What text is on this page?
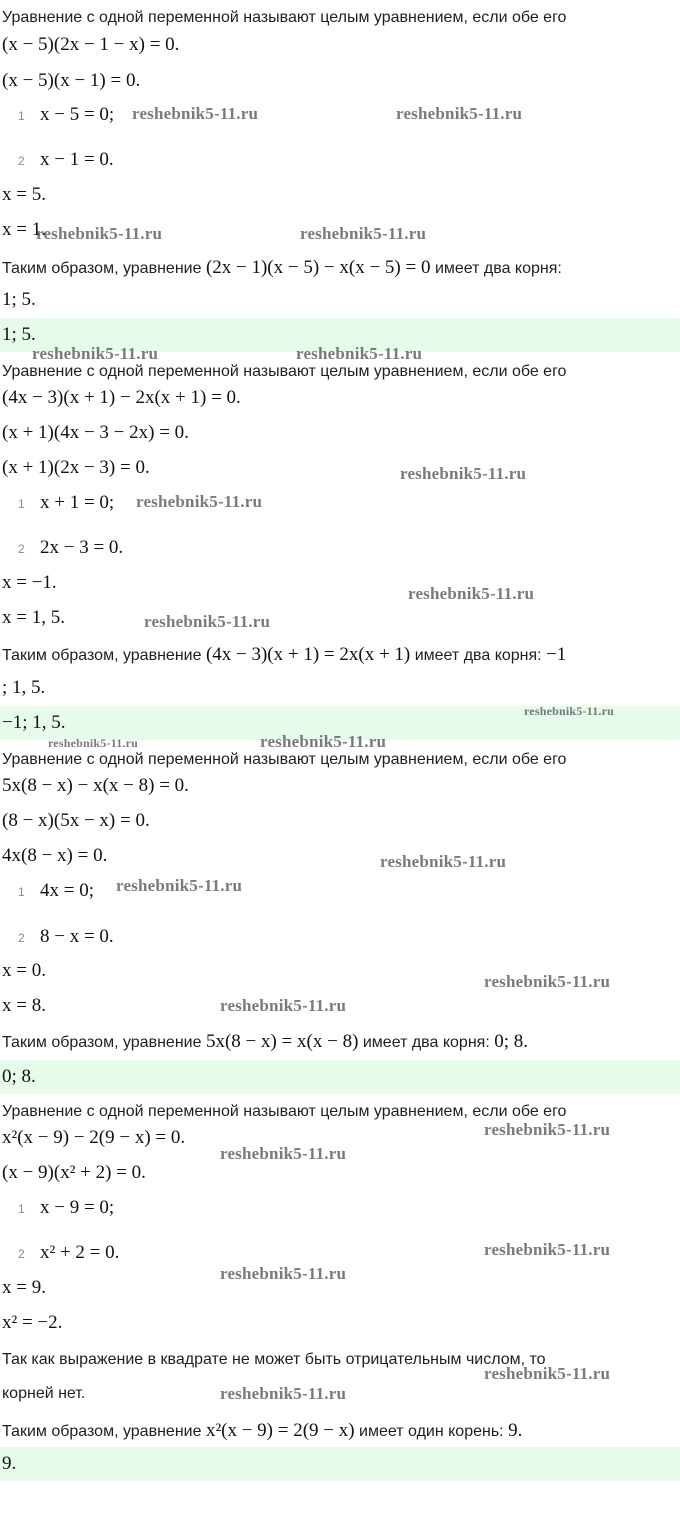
Уравнение с одной переменной называют целым уравнением, если обе его
(x − 5)(2x − 1 − x) = 0.
(x − 5)(x − 1) = 0.
1 x − 5 = 0;
2 x − 1 = 0.
x = 5.
x = 1.
Таким образом, уравнение (2x − 1)(x − 5) − x(x − 5) = 0 имеет два корня:
1; 5.
1; 5.
Уравнение с одной переменной называют целым уравнением, если обе его
(4x − 3)(x + 1) − 2x(x + 1) = 0.
(x + 1)(4x − 3 − 2x) = 0.
(x + 1)(2x − 3) = 0.
1 x + 1 = 0;
2 2x − 3 = 0.
x = −1.
x = 1, 5.
Таким образом, уравнение (4x − 3)(x + 1) = 2x(x + 1) имеет два корня: −1
; 1, 5.
−1; 1, 5.
Уравнение с одной переменной называют целым уравнением, если обе его
5x(8 − x) − x(x − 8) = 0.
(8 − x)(5x − x) = 0.
4x(8 − x) = 0.
1 4x = 0;
2 8 − x = 0.
x = 0.
x = 8.
Таким образом, уравнение 5x(8 − x) = x(x − 8) имеет два корня: 0; 8.
0; 8.
Уравнение с одной переменной называют целым уравнением, если обе его
x²(x − 9) − 2(9 − x) = 0.
(x − 9)(x² + 2) = 0.
1 x − 9 = 0;
2 x² + 2 = 0.
x = 9.
x² = −2.
Так как выражение в квадрате не может быть отрицательным числом, то
корней нет.
Таким образом, уравнение x²(x − 9) = 2(9 − x) имеет один корень: 9.
9.
reshebnik5-11.ru	reshebnik5-11.ru
reshebnik5-11.ru	reshebnik5-11.ru
reshebnik5-11.ru	reshebnik5-11.ru
reshebnik5-11.ru
reshebnik5-11.ru
reshebnik5-11.ru
reshebnik5-11.ru
reshebnik5-11.ru
reshebnik5-11.ru	reshebnik5-11.ru
reshebnik5-11.ru
reshebnik5-11.ru
reshebnik5-11.ru
reshebnik5-11.ru
reshebnik5-11.ru
reshebnik5-11.ru
reshebnik5-11.ru
reshebnik5-11.ru
reshebnik5-11.ru
reshebnik5-11.ru
